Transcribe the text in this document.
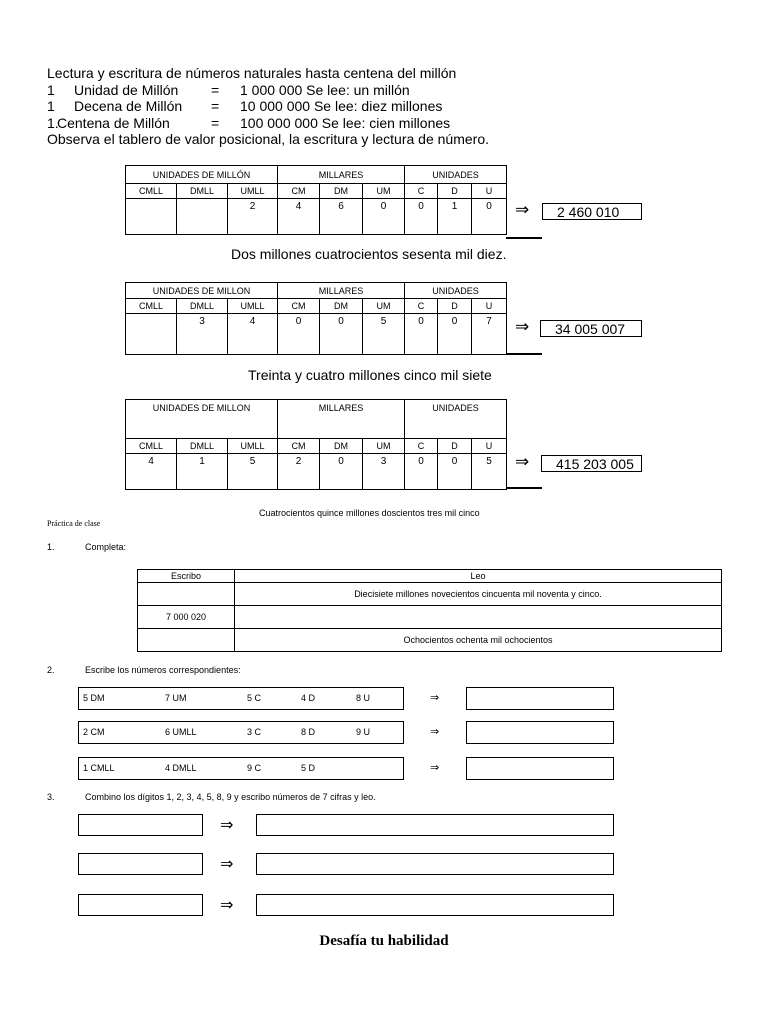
Lectura y escritura de números naturales hasta centena del millón
1 Unidad de Millón = 1 000 000 Se lee: un millón
1 Decena de Millón = 10 000 000 Se lee: diez millones
1.Centena de Millón	= 100 000 000 Se lee: cien millones
Observa el tablero de valor posicional, la escritura y lectura de número.
UNIDADES DE MILLÓN			MILLARES			UNIDADES		
CMLL	DMLL	UMLL	CM	DM	UM	C	D	U
		2	4	6	0	0	1	0 ⇒	2 460 010
Dos millones cuatrocientos sesenta mil diez.
UNIDADES DE MILLON			MILLARES			UNIDADES		
CMLL	DMLL	UMLL	CM	DM	UM	C	D	U
	3	4	0	0	5	0	0	7 ⇒	34 005 007
Treinta y cuatro millones cinco mil siete
UNIDADES DE MILLON			MILLARES			UNIDADES		
CMLL	DMLL	UMLL	CM	DM	UM	C	D	U
4	1	5	2	0	3	0	0	5 ⇒	415 203 005
Cuatrocientos quince millones doscientos tres mil cinco
Práctica de clase
1.	Completa:
Escribo	Leo
	Diecisiete millones novecientos cincuenta mil noventa y cinco.
7 000 020	
	Ochocientos ochenta mil ochocientos
2.	Escribe los números correspondientes:
5 DM	7 UM	5 C	4 D	8 U	⇒
2 CM	6 UMLL	3 C	8 D	9 U	⇒
1 CMLL	4 DMLL	9 C	5 D	⇒
3.	Combino los dígitos 1, 2, 3, 4, 5, 8, 9 y escribo números de 7 cifras y leo.
⇒
⇒
⇒
Desafía tu habilidad
